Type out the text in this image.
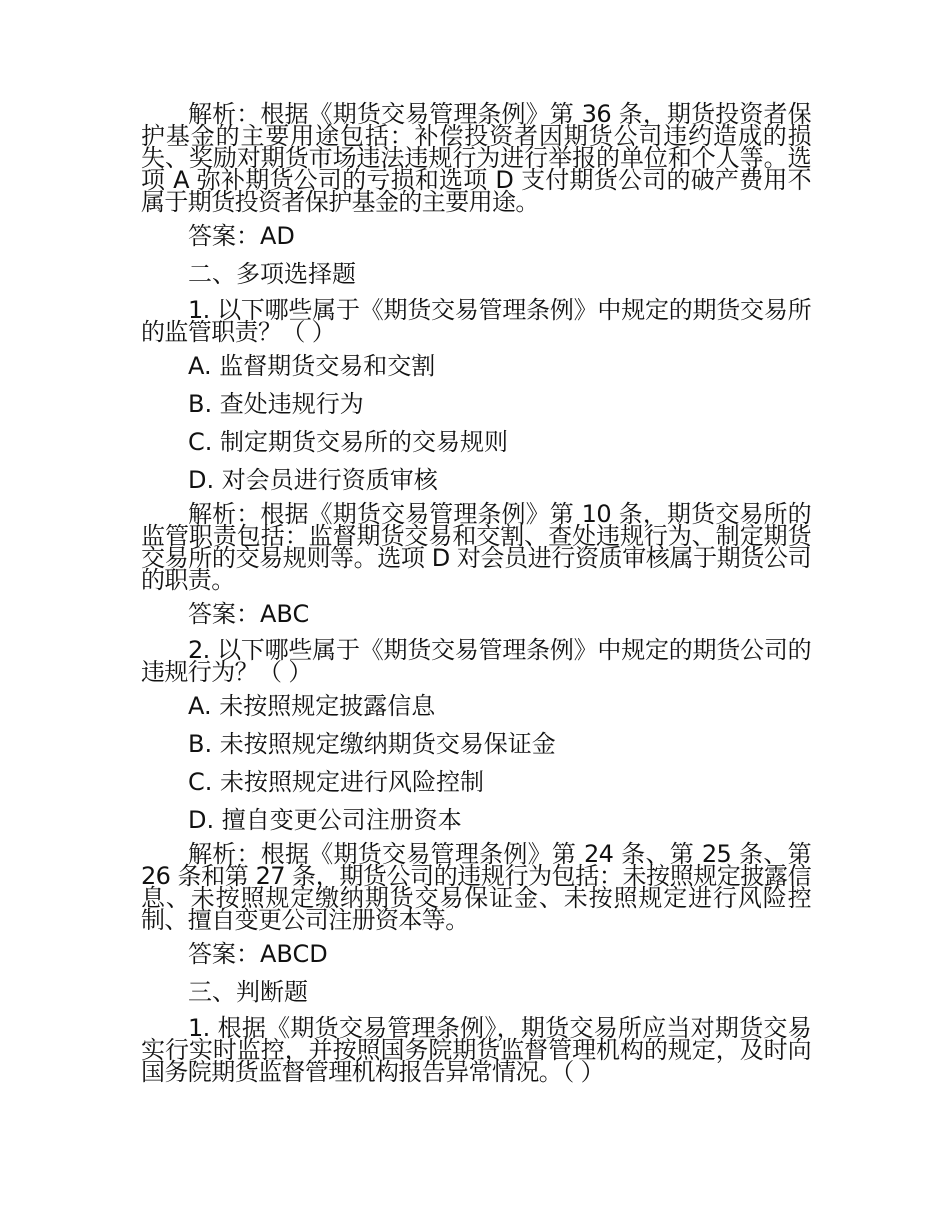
解析：根据《期货交易管理条例》第 36 条，期货投资者保护基金的主要用途包括：补偿投资者因期货公司违约造成的损失、奖励对期货市场违法违规行为进行举报的单位和个人等。选项 A 弥补期货公司的亏损和选项 D 支付期货公司的破产费用不属于期货投资者保护基金的主要用途。

答案：AD

二、多项选择题

1. 以下哪些属于《期货交易管理条例》中规定的期货交易所的监管职责？（ ）

A. 监督期货交易和交割

B. 查处违规行为

C. 制定期货交易所的交易规则

D. 对会员进行资质审核

解析：根据《期货交易管理条例》第 10 条，期货交易所的监管职责包括：监督期货交易和交割、查处违规行为、制定期货交易所的交易规则等。选项 D 对会员进行资质审核属于期货公司的职责。

答案：ABC

2. 以下哪些属于《期货交易管理条例》中规定的期货公司的违规行为？（ ）

A. 未按照规定披露信息

B. 未按照规定缴纳期货交易保证金

C. 未按照规定进行风险控制

D. 擅自变更公司注册资本

解析：根据《期货交易管理条例》第 24 条、第 25 条、第 26 条和第 27 条，期货公司的违规行为包括：未按照规定披露信息、未按照规定缴纳期货交易保证金、未按照规定进行风险控制、擅自变更公司注册资本等。

答案：ABCD

三、判断题

1. 根据《期货交易管理条例》，期货交易所应当对期货交易实行实时监控，并按照国务院期货监督管理机构的规定，及时向国务院期货监督管理机构报告异常情况。（ ）
